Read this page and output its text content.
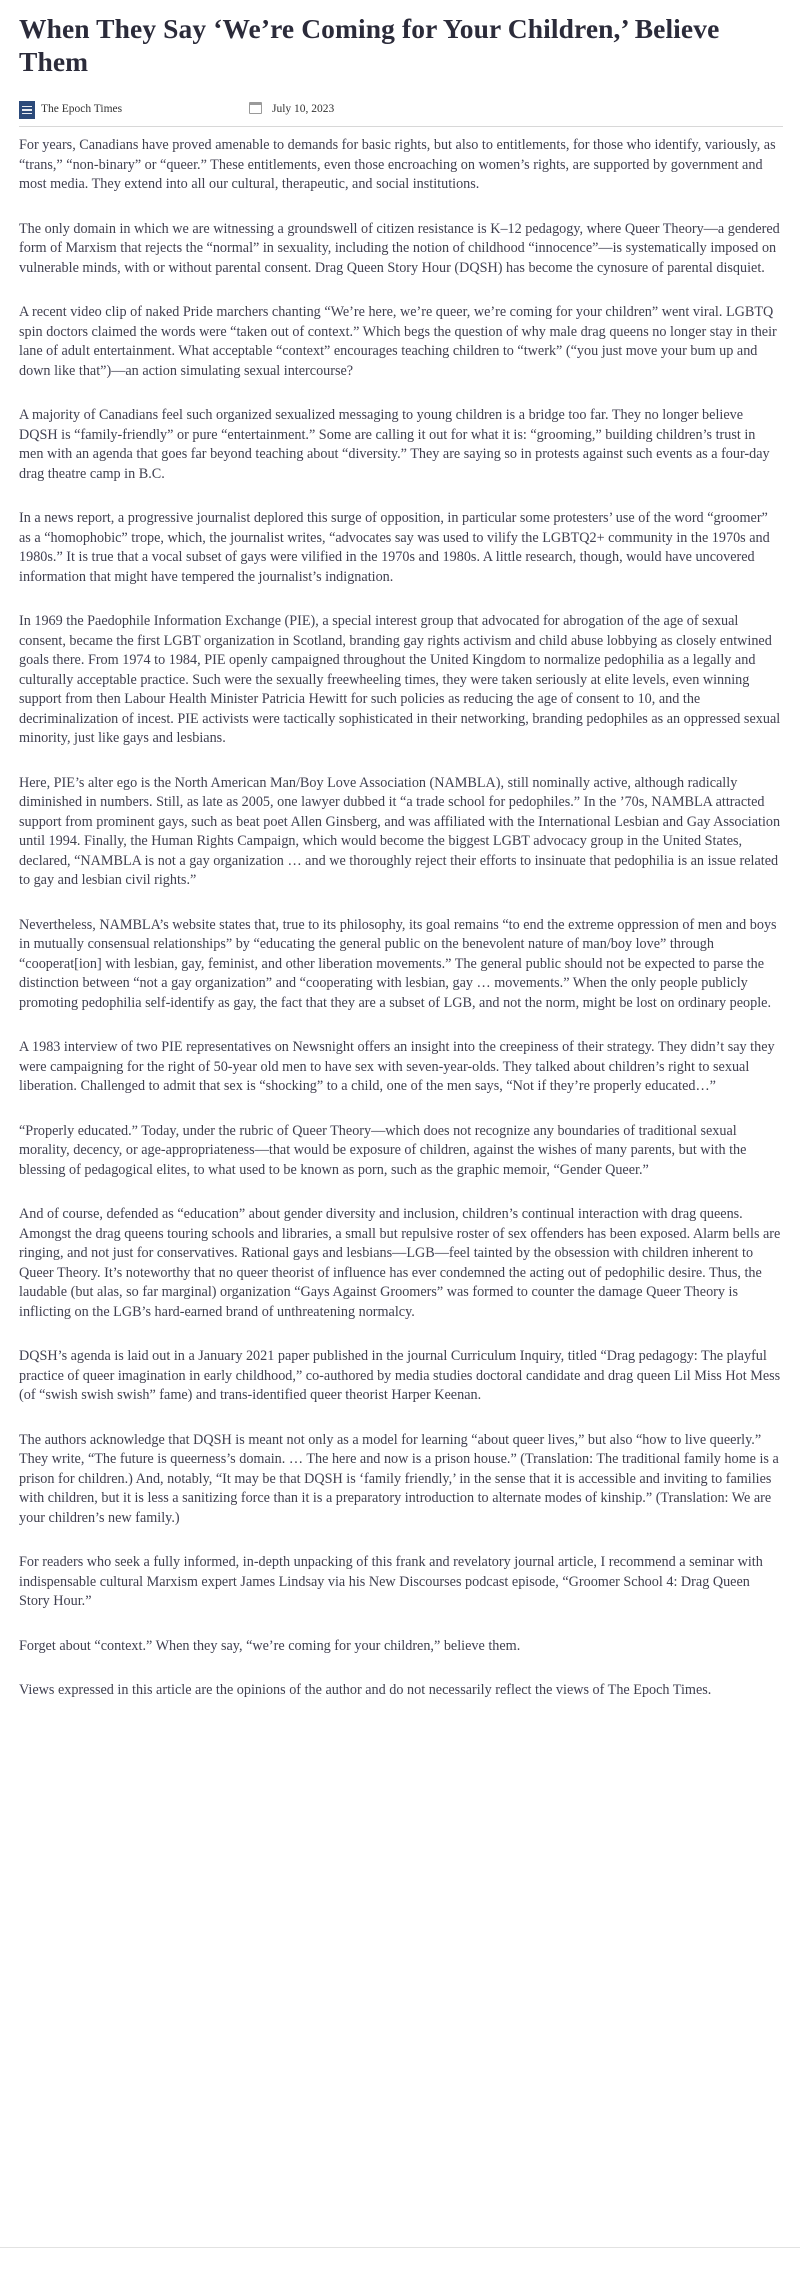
When They Say ‘We’re Coming for Your Children,’ Believe Them
The Epoch Times	July 10, 2023

For years, Canadians have proved amenable to demands for basic rights, but also to entitlements, for those who identify, variously, as “trans,” “non-binary” or “queer.” These entitlements, even those encroaching on women’s rights, are supported by government and most media. They extend into all our cultural, therapeutic, and social institutions.

The only domain in which we are witnessing a groundswell of citizen resistance is K–12 pedagogy, where Queer Theory—a gendered form of Marxism that rejects the “normal” in sexuality, including the notion of childhood “innocence”—is systematically imposed on vulnerable minds, with or without parental consent. Drag Queen Story Hour (DQSH) has become the cynosure of parental disquiet.

A recent video clip of naked Pride marchers chanting “We’re here, we’re queer, we’re coming for your children” went viral. LGBTQ spin doctors claimed the words were “taken out of context.” Which begs the question of why male drag queens no longer stay in their lane of adult entertainment. What acceptable “context” encourages teaching children to “twerk” (“you just move your bum up and down like that”)—an action simulating sexual intercourse?

A majority of Canadians feel such organized sexualized messaging to young children is a bridge too far. They no longer believe DQSH is “family-friendly” or pure “entertainment.” Some are calling it out for what it is: “grooming,” building children’s trust in men with an agenda that goes far beyond teaching about “diversity.” They are saying so in protests against such events as a four-day drag theatre camp in B.C.

In a news report, a progressive journalist deplored this surge of opposition, in particular some protesters’ use of the word “groomer” as a “homophobic” trope, which, the journalist writes, “advocates say was used to vilify the LGBTQ2+ community in the 1970s and 1980s.” It is true that a vocal subset of gays were vilified in the 1970s and 1980s. A little research, though, would have uncovered information that might have tempered the journalist’s indignation.

In 1969 the Paedophile Information Exchange (PIE), a special interest group that advocated for abrogation of the age of sexual consent, became the first LGBT organization in Scotland, branding gay rights activism and child abuse lobbying as closely entwined goals there. From 1974 to 1984, PIE openly campaigned throughout the United Kingdom to normalize pedophilia as a legally and culturally acceptable practice. Such were the sexually freewheeling times, they were taken seriously at elite levels, even winning support from then Labour Health Minister Patricia Hewitt for such policies as reducing the age of consent to 10, and the decriminalization of incest. PIE activists were tactically sophisticated in their networking, branding pedophiles as an oppressed sexual minority, just like gays and lesbians.

Here, PIE’s alter ego is the North American Man/Boy Love Association (NAMBLA), still nominally active, although radically diminished in numbers. Still, as late as 2005, one lawyer dubbed it “a trade school for pedophiles.” In the ’70s, NAMBLA attracted support from prominent gays, such as beat poet Allen Ginsberg, and was affiliated with the International Lesbian and Gay Association until 1994. Finally, the Human Rights Campaign, which would become the biggest LGBT advocacy group in the United States, declared, “NAMBLA is not a gay organization … and we thoroughly reject their efforts to insinuate that pedophilia is an issue related to gay and lesbian civil rights.”

Nevertheless, NAMBLA’s website states that, true to its philosophy, its goal remains “to end the extreme oppression of men and boys in mutually consensual relationships” by “educating the general public on the benevolent nature of man/boy love” through “cooperat[ion] with lesbian, gay, feminist, and other liberation movements.” The general public should not be expected to parse the distinction between “not a gay organization” and “cooperating with lesbian, gay … movements.” When the only people publicly promoting pedophilia self-identify as gay, the fact that they are a subset of LGB, and not the norm, might be lost on ordinary people.

A 1983 interview of two PIE representatives on Newsnight offers an insight into the creepiness of their strategy. They didn’t say they were campaigning for the right of 50-year old men to have sex with seven-year-olds. They talked about children’s right to sexual liberation. Challenged to admit that sex is “shocking” to a child, one of the men says, “Not if they’re properly educated…”

“Properly educated.” Today, under the rubric of Queer Theory—which does not recognize any boundaries of traditional sexual morality, decency, or age-appropriateness—that would be exposure of children, against the wishes of many parents, but with the blessing of pedagogical elites, to what used to be known as porn, such as the graphic memoir, “Gender Queer.”

And of course, defended as “education” about gender diversity and inclusion, children’s continual interaction with drag queens. Amongst the drag queens touring schools and libraries, a small but repulsive roster of sex offenders has been exposed. Alarm bells are ringing, and not just for conservatives. Rational gays and lesbians—LGB—feel tainted by the obsession with children inherent to Queer Theory. It’s noteworthy that no queer theorist of influence has ever condemned the acting out of pedophilic desire. Thus, the laudable (but alas, so far marginal) organization “Gays Against Groomers” was formed to counter the damage Queer Theory is inflicting on the LGB’s hard-earned brand of unthreatening normalcy.

DQSH’s agenda is laid out in a January 2021 paper published in the journal Curriculum Inquiry, titled “Drag pedagogy: The playful practice of queer imagination in early childhood,” co-authored by media studies doctoral candidate and drag queen Lil Miss Hot Mess (of “swish swish swish” fame) and trans-identified queer theorist Harper Keenan.

The authors acknowledge that DQSH is meant not only as a model for learning “about queer lives,” but also “how to live queerly.” They write, “The future is queerness’s domain. … The here and now is a prison house.” (Translation: The traditional family home is a prison for children.) And, notably, “It may be that DQSH is ‘family friendly,’ in the sense that it is accessible and inviting to families with children, but it is less a sanitizing force than it is a preparatory introduction to alternate modes of kinship.” (Translation: We are your children’s new family.)

For readers who seek a fully informed, in-depth unpacking of this frank and revelatory journal article, I recommend a seminar with indispensable cultural Marxism expert James Lindsay via his New Discourses podcast episode, “Groomer School 4: Drag Queen Story Hour.”

Forget about “context.” When they say, “we’re coming for your children,” believe them.

Views expressed in this article are the opinions of the author and do not necessarily reflect the views of The Epoch Times.
